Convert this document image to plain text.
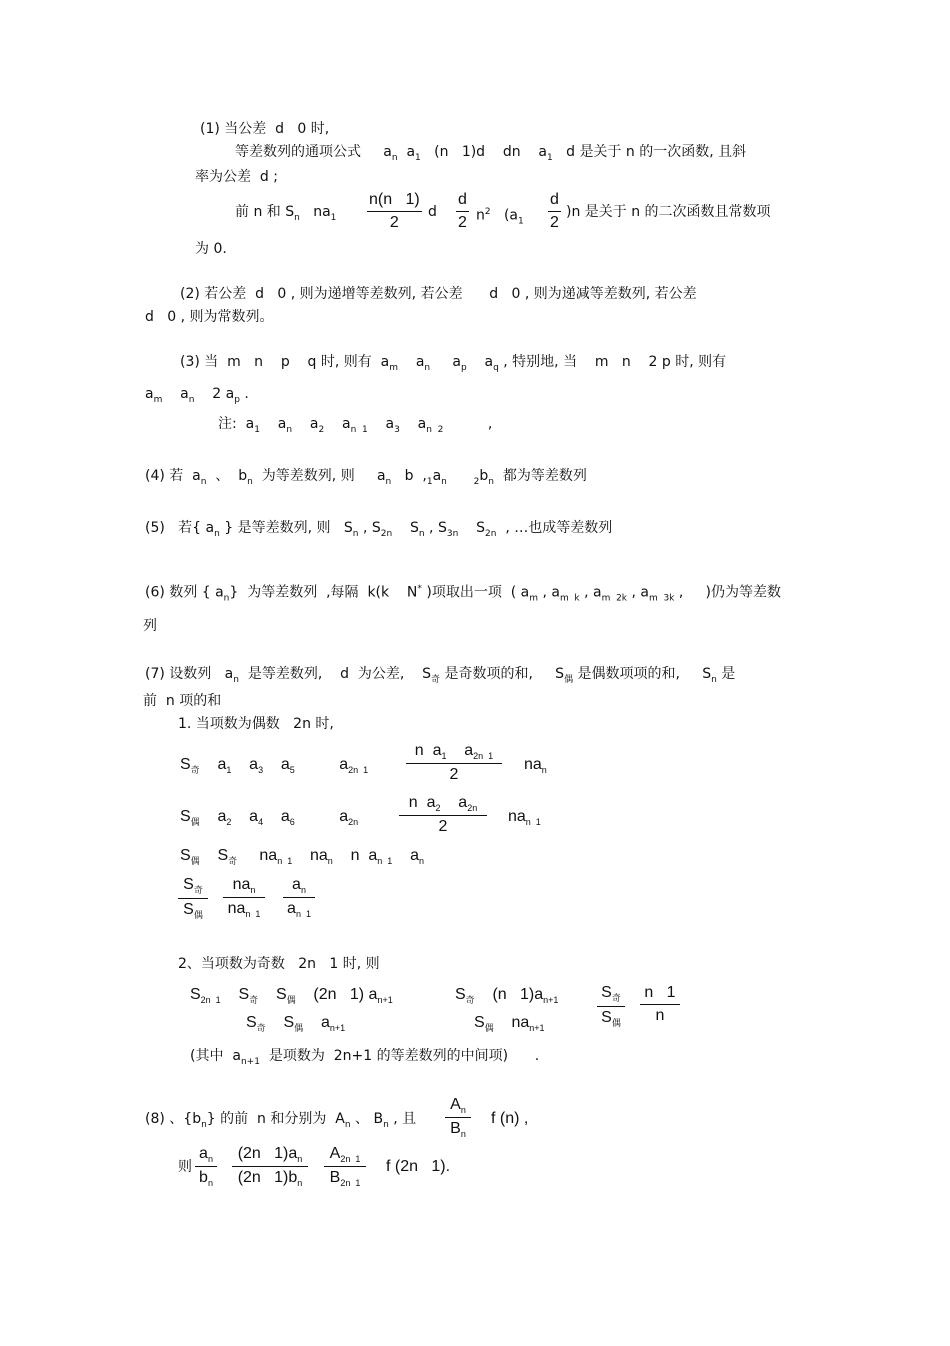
(1) 当公差  d   0 时,
等差数列的通项公式     $a_n$  $a_1$   (n   1)d    dn    $a_1$   d 是关于 n 的一次函数, 且斜
率为公差  d ;
前 n 和 $S_n$   $na_1$
n(n   1)
2
d
d
2 $n^2$   ($a_1$
d
2
)n 是关于 n 的二次函数且常数项
为 0.
(2) 若公差  d   0 , 则为递增等差数列, 若公差      d   0 , 则为递减等差数列, 若公差
d   0 , 则为常数列。
(3) 当  m   n    p    q 时, 则有  $a_m$    $a_n$     $a_p$    $a_q$ , 特别地, 当    m   n    2 p 时, 则有
$a_m$    $a_n$    2 $a_p$ .
注:  $a_1$    $a_n$    $a_2$    $a_{n 1}$    $a_3$    $a_{n 2}$          ,
(4) 若  $a_n$  、  $b_n$  为等差数列, 则     $a_n$   b  $,_1a_n$	$_2b_n$  都为等差数列
(5)   若{ $a_n$ } 是等差数列, 则   $S_n$ , $S_{2n}$    $S_n$ , $S_{3n}$    $S_{2n}$  , …也成等差数列
(6) 数列 { $a_n$}  为等差数列  ,每隔  k(k    N* )项取出一项  ( $a_m$ , $a_{m k}$ , $a_{m 2k}$ , $a_{m 3k}$ ,     )仍为等差数
列
(7) 设数列   $a_n$  是等差数列,    d  为公差,    $S_奇$ 是奇数项的和,     $S_偶$ 是偶数项项的和,     $S_n$ 是
前  n 项的和
1. 当项数为偶数   2n 时,
$S_奇$    $a_1$    $a_3$    $a_5$          $a_{2n 1}$
n  $a_1$    $a_{2n 1}$
2
$na_n$
$S_偶$    $a_2$    $a_4$    $a_6$          $a_{2n}$
n  $a_2$    $a_{2n}$
2
$na_{n 1}$
$S_偶$    $S_奇$     $na_{n 1}$    $na_n$    n  $a_{n 1}$    $a_n$
$S_奇$
$S_偶$
$na_n$
$na_{n 1}$
$a_n$
$a_{n 1}$
2、当项数为奇数   2n   1 时, 则
$S_{2n 1}$    $S_奇$    $S_偶$    (2n   1) $a_{n+1}$	$S_奇$    (n   $1)a_{n+1}$
$S_奇$    $S_偶$    $a_{n+1}$	$S_偶$    $na_{n+1}$
$S_奇$
$S_偶$
n   1
n
(其中  $a_{n+1}$  是项数为  2n+1 的等差数列的中间项)      .
(8) 、$\{b_n\}$ 的前  n 和分别为  $A_n$ 、 $B_n$ , 且
$A_n$
$B_n$
f (n) ,
则
$a_n$
$b_n$
(2n   $1)a_n$
(2n   $1)b_n$
$A_{2n 1}$
$B_{2n 1}$
f (2n   1).
